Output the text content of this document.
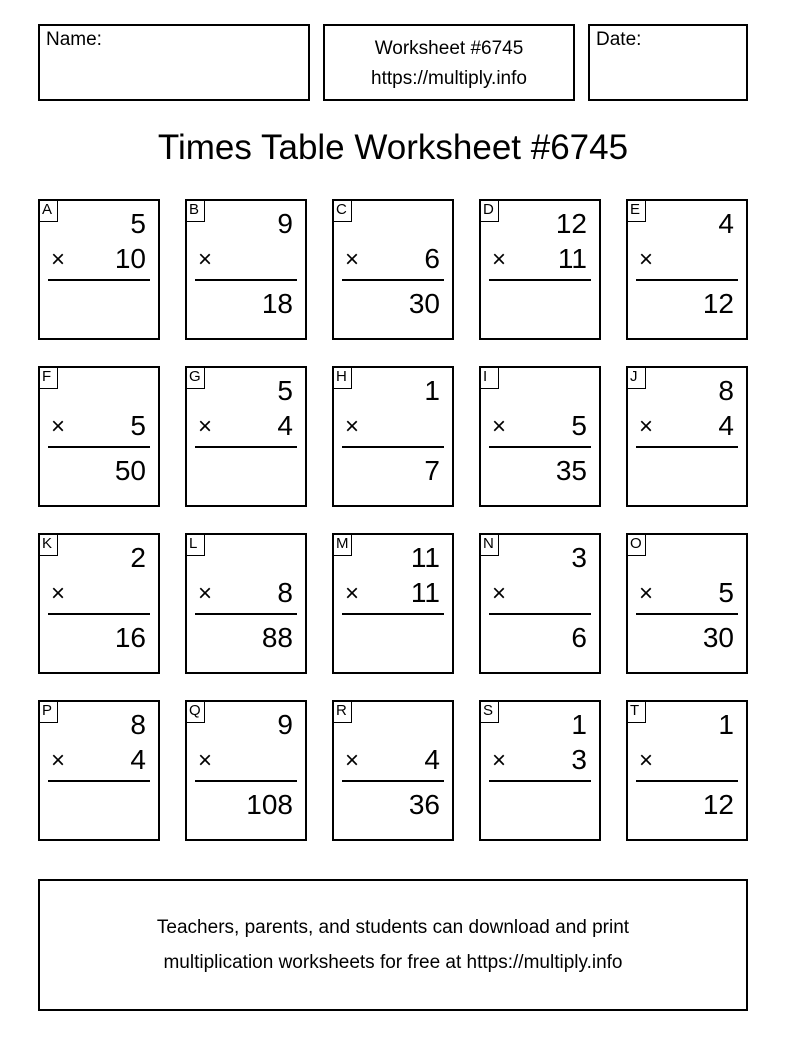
Name:	Worksheet #6745
https://multiply.info
Date:
Times Table Worksheet #6745
A	5
× 10
B	9
×
18
C
× 6
30
D 12
× 11
E	4
×
12
F
× 5
50
G	5
× 4
H	1
×
7
I
× 5
35
J	8
× 4
K	2
×
16
L
× 8
88
M 11
× 11
N	3
×
6
O
× 5
30
P	8
× 4
Q	9
×
108
R
× 4
36
S	1
× 3
T	1
×
12
Teachers, parents, and students can download and print
multiplication worksheets for free at https://multiply.info
